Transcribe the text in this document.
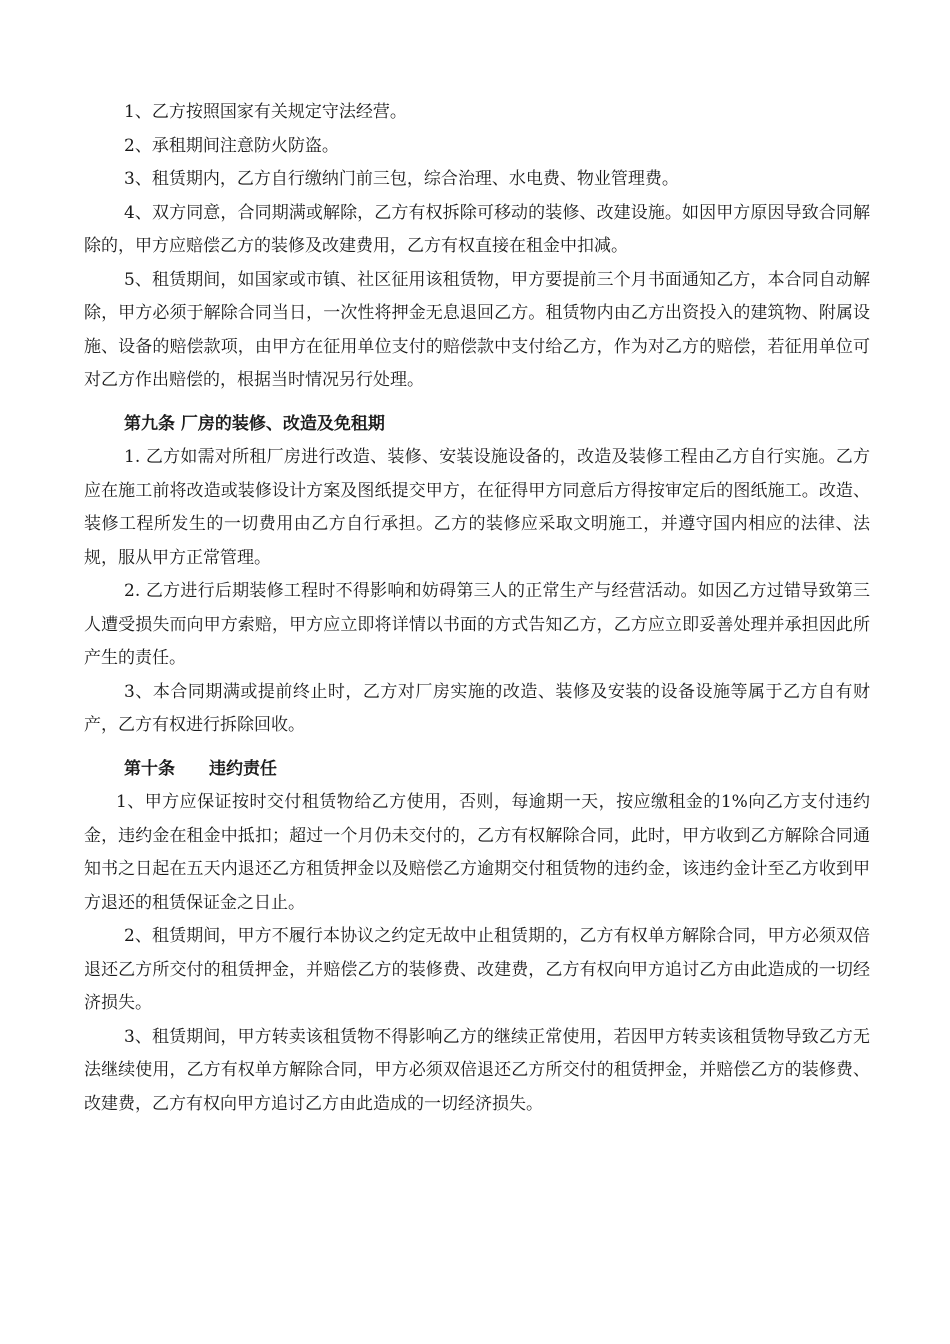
1、乙方按照国家有关规定守法经营。

2、承租期间注意防火防盗。

3、租赁期内，乙方自行缴纳门前三包，综合治理、水电费、物业管理费。

4、双方同意，合同期满或解除，乙方有权拆除可移动的装修、改建设施。如因甲方原因导致合同解除的，甲方应赔偿乙方的装修及改建费用，乙方有权直接在租金中扣减。

5、租赁期间，如国家或市镇、社区征用该租赁物，甲方要提前三个月书面通知乙方，本合同自动解除，甲方必须于解除合同当日，一次性将押金无息退回乙方。租赁物内由乙方出资投入的建筑物、附属设施、设备的赔偿款项，由甲方在征用单位支付的赔偿款中支付给乙方，作为对乙方的赔偿，若征用单位可对乙方作出赔偿的，根据当时情况另行处理。

第九条 厂房的装修、改造及免租期

1. 乙方如需对所租厂房进行改造、装修、安装设施设备的，改造及装修工程由乙方自行实施。乙方应在施工前将改造或装修设计方案及图纸提交甲方，在征得甲方同意后方得按审定后的图纸施工。改造、装修工程所发生的一切费用由乙方自行承担。乙方的装修应采取文明施工，并遵守国内相应的法律、法规，服从甲方正常管理。

2. 乙方进行后期装修工程时不得影响和妨碍第三人的正常生产与经营活动。如因乙方过错导致第三人遭受损失而向甲方索赔，甲方应立即将详情以书面的方式告知乙方，乙方应立即妥善处理并承担因此所产生的责任。

3、本合同期满或提前终止时，乙方对厂房实施的改造、装修及安装的设备设施等属于乙方自有财产，乙方有权进行拆除回收。

第十条 违约责任

1、甲方应保证按时交付租赁物给乙方使用，否则，每逾期一天，按应缴租金的1%向乙方支付违约金，违约金在租金中抵扣；超过一个月仍未交付的，乙方有权解除合同，此时，甲方收到乙方解除合同通知书之日起在五天内退还乙方租赁押金以及赔偿乙方逾期交付租赁物的违约金，该违约金计至乙方收到甲方退还的租赁保证金之日止。

2、租赁期间，甲方不履行本协议之约定无故中止租赁期的，乙方有权单方解除合同，甲方必须双倍退还乙方所交付的租赁押金，并赔偿乙方的装修费、改建费，乙方有权向甲方追讨乙方由此造成的一切经济损失。

3、租赁期间，甲方转卖该租赁物不得影响乙方的继续正常使用，若因甲方转卖该租赁物导致乙方无法继续使用，乙方有权单方解除合同，甲方必须双倍退还乙方所交付的租赁押金，并赔偿乙方的装修费、改建费，乙方有权向甲方追讨乙方由此造成的一切经济损失。
